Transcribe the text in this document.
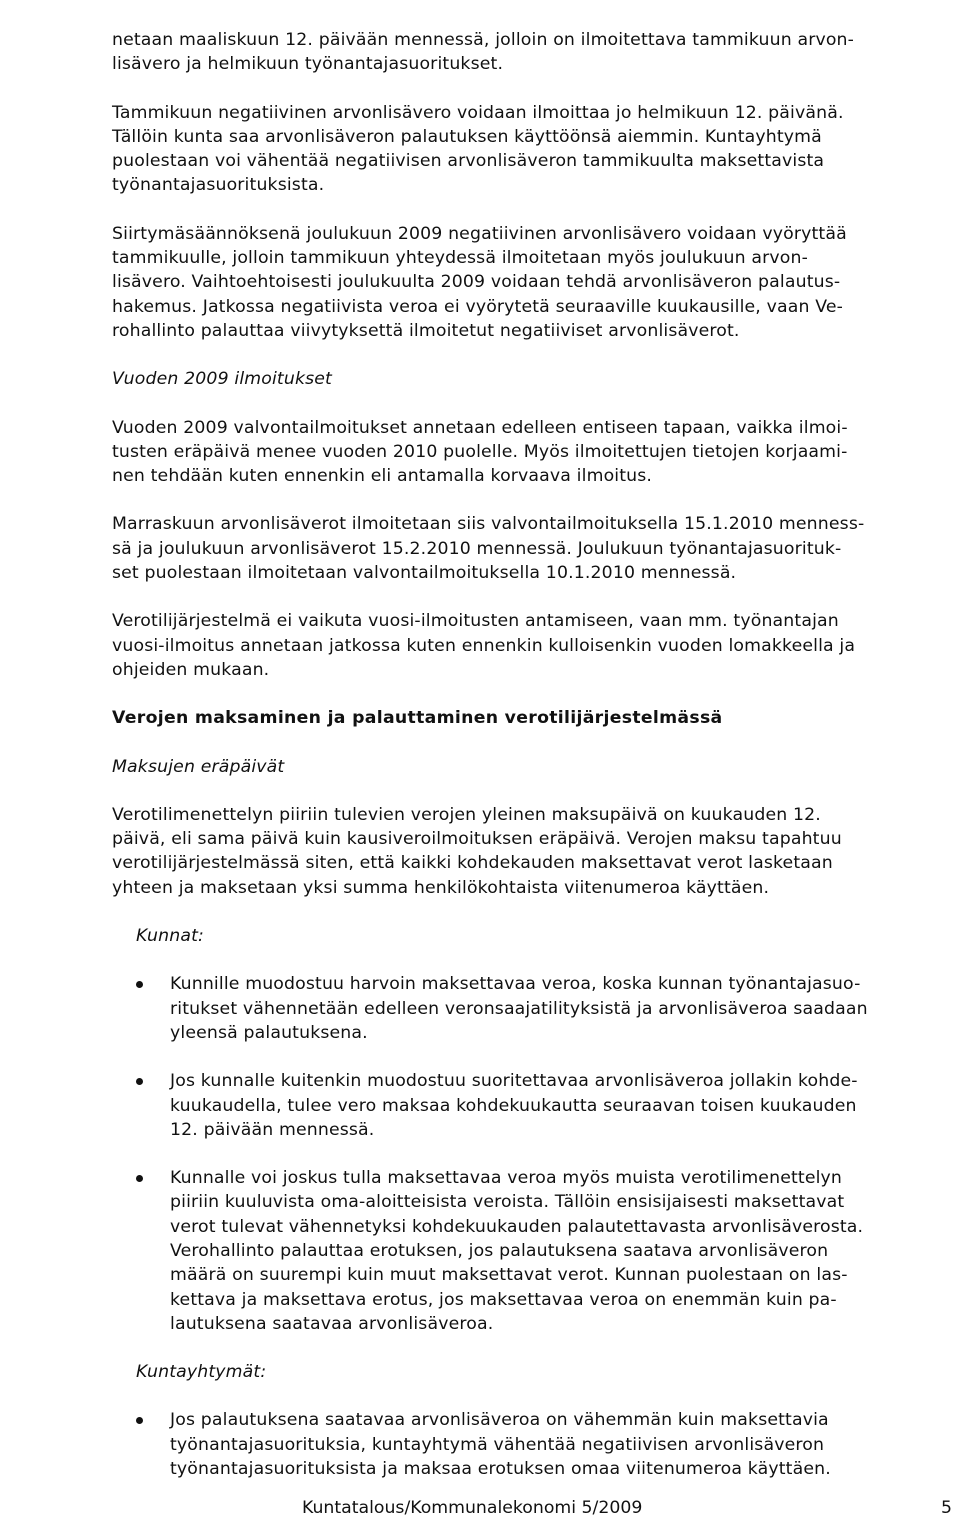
netaan maaliskuun 12. päivään mennessä, jolloin on ilmoitettava tammikuun arvon-
lisävero ja helmikuun työnantajasuoritukset.
Tammikuun negatiivinen arvonlisävero voidaan ilmoittaa jo helmikuun 12. päivänä.
Tällöin kunta saa arvonlisäveron palautuksen käyttöönsä aiemmin. Kuntayhtymä
puolestaan voi vähentää negatiivisen arvonlisäveron tammikuulta maksettavista
työnantajasuorituksista.
Siirtymäsäännöksenä joulukuun 2009 negatiivinen arvonlisävero voidaan vyöryttää
tammikuulle, jolloin tammikuun yhteydessä ilmoitetaan myös joulukuun arvon-
lisävero. Vaihtoehtoisesti joulukuulta 2009 voidaan tehdä arvonlisäveron palautus-
hakemus. Jatkossa negatiivista veroa ei vyörytetä seuraaville kuukausille, vaan Ve-
rohallinto palauttaa viivytyksettä ilmoitetut negatiiviset arvonlisäverot.
Vuoden 2009 ilmoitukset
Vuoden 2009 valvontailmoitukset annetaan edelleen entiseen tapaan, vaikka ilmoi-
tusten eräpäivä menee vuoden 2010 puolelle. Myös ilmoitettujen tietojen korjaami-
nen tehdään kuten ennenkin eli antamalla korvaava ilmoitus.
Marraskuun arvonlisäverot ilmoitetaan siis valvontailmoituksella 15.1.2010 menness-
sä ja joulukuun arvonlisäverot 15.2.2010 mennessä. Joulukuun työnantajasuorituk-
set puolestaan ilmoitetaan valvontailmoituksella 10.1.2010 mennessä.
Verotilijärjestelmä ei vaikuta vuosi-ilmoitusten antamiseen, vaan mm. työnantajan
vuosi-ilmoitus annetaan jatkossa kuten ennenkin kulloisenkin vuoden lomakkeella ja
ohjeiden mukaan.
Verojen maksaminen ja palauttaminen verotilijärjestelmässä
Maksujen eräpäivät
Verotilimenettelyn piiriin tulevien verojen yleinen maksupäivä on kuukauden 12.
päivä, eli sama päivä kuin kausiveroilmoituksen eräpäivä. Verojen maksu tapahtuu
verotilijärjestelmässä siten, että kaikki kohdekauden maksettavat verot lasketaan
yhteen ja maksetaan yksi summa henkilökohtaista viitenumeroa käyttäen.
Kunnat:
Kunnille muodostuu harvoin maksettavaa veroa, koska kunnan työnantajasuo-
ritukset vähennetään edelleen veronsaajatilityksistä ja arvonlisäveroa saadaan
yleensä palautuksena.
Jos kunnalle kuitenkin muodostuu suoritettavaa arvonlisäveroa jollakin kohde-
kuukaudella, tulee vero maksaa kohdekuukautta seuraavan toisen kuukauden
12. päivään mennessä.
Kunnalle voi joskus tulla maksettavaa veroa myös muista verotilimenettelyn
piiriin kuuluvista oma-aloitteisista veroista. Tällöin ensisijaisesti maksettavat
verot tulevat vähennetyksi kohdekuukauden palautettavasta arvonlisäverosta.
Verohallinto palauttaa erotuksen, jos palautuksena saatava arvonlisäveron
määrä on suurempi kuin muut maksettavat verot. Kunnan puolestaan on las-
kettava ja maksettava erotus, jos maksettavaa veroa on enemmän kuin pa-
lautuksena saatavaa arvonlisäveroa.
Kuntayhtymät:
Jos palautuksena saatavaa arvonlisäveroa on vähemmän kuin maksettavia
työnantajasuorituksia, kuntayhtymä vähentää negatiivisen arvonlisäveron
työnantajasuorituksista ja maksaa erotuksen omaa viitenumeroa käyttäen.
Kuntatalous/Kommunalekonomi 5/2009	5
